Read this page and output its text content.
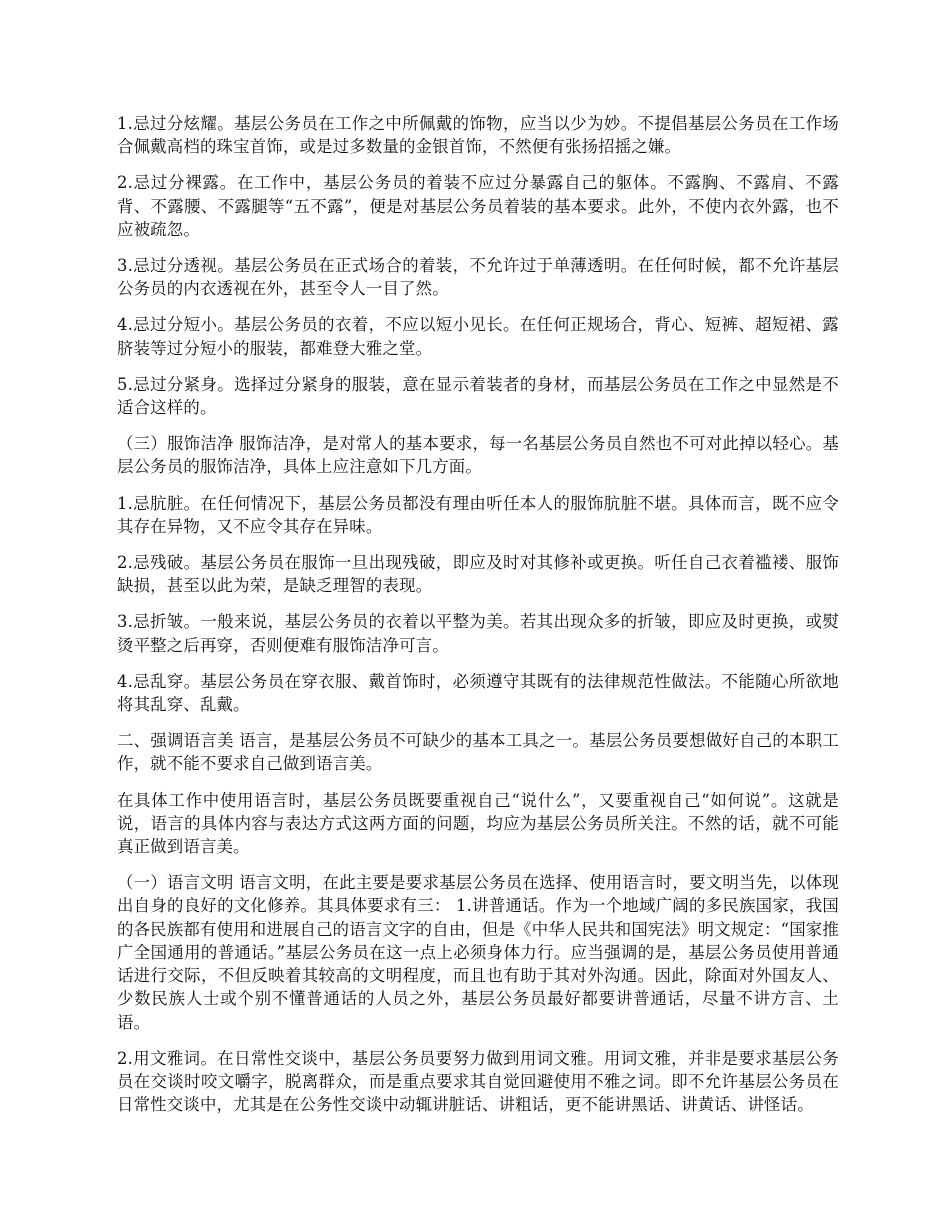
1.忌过分炫耀。基层公务员在工作之中所佩戴的饰物，应当以少为妙。不提倡基层公务员在工作场合佩戴高档的珠宝首饰，或是过多数量的金银首饰，不然便有张扬招摇之嫌。

2.忌过分裸露。在工作中，基层公务员的着装不应过分暴露自己的躯体。不露胸、不露肩、不露背、不露腰、不露腿等“五不露”，便是对基层公务员着装的基本要求。此外，不使内衣外露，也不应被疏忽。

3.忌过分透视。基层公务员在正式场合的着装，不允许过于单薄透明。在任何时候，都不允许基层公务员的内衣透视在外，甚至令人一目了然。

4.忌过分短小。基层公务员的衣着，不应以短小见长。在任何正规场合，背心、短裤、超短裙、露脐装等过分短小的服装，都难登大雅之堂。

5.忌过分紧身。选择过分紧身的服装，意在显示着装者的身材，而基层公务员在工作之中显然是不适合这样的。

（三）服饰洁净 服饰洁净，是对常人的基本要求，每一名基层公务员自然也不可对此掉以轻心。基层公务员的服饰洁净，具体上应注意如下几方面。

1.忌肮脏。在任何情况下，基层公务员都没有理由听任本人的服饰肮脏不堪。具体而言，既不应令其存在异物，又不应令其存在异味。

2.忌残破。基层公务员在服饰一旦出现残破，即应及时对其修补或更换。听任自己衣着褴褛、服饰缺损，甚至以此为荣，是缺乏理智的表现。

3.忌折皱。一般来说，基层公务员的衣着以平整为美。若其出现众多的折皱，即应及时更换，或熨烫平整之后再穿，否则便难有服饰洁净可言。

4.忌乱穿。基层公务员在穿衣服、戴首饰时，必须遵守其既有的法律规范性做法。不能随心所欲地将其乱穿、乱戴。

二、强调语言美 语言，是基层公务员不可缺少的基本工具之一。基层公务员要想做好自己的本职工作，就不能不要求自己做到语言美。

在具体工作中使用语言时，基层公务员既要重视自己“说什么”，又要重视自己“如何说”。这就是说，语言的具体内容与表达方式这两方面的问题，均应为基层公务员所关注。不然的话，就不可能真正做到语言美。

（一）语言文明 语言文明，在此主要是要求基层公务员在选择、使用语言时，要文明当先，以体现出自身的良好的文化修养。其具体要求有三： 1.讲普通话。作为一个地域广阔的多民族国家，我国的各民族都有使用和进展自己的语言文字的自由，但是《中华人民共和国宪法》明文规定：“国家推广全国通用的普通话。”基层公务员在这一点上必须身体力行。应当强调的是，基层公务员使用普通话进行交际，不但反映着其较高的文明程度，而且也有助于其对外沟通。因此，除面对外国友人、少数民族人士或个别不懂普通话的人员之外，基层公务员最好都要讲普通话，尽量不讲方言、土语。

2.用文雅词。在日常性交谈中，基层公务员要努力做到用词文雅。用词文雅，并非是要求基层公务员在交谈时咬文嚼字，脱离群众，而是重点要求其自觉回避使用不雅之词。即不允许基层公务员在日常性交谈中，尤其是在公务性交谈中动辄讲脏话、讲粗话，更不能讲黑话、讲黄话、讲怪话。
